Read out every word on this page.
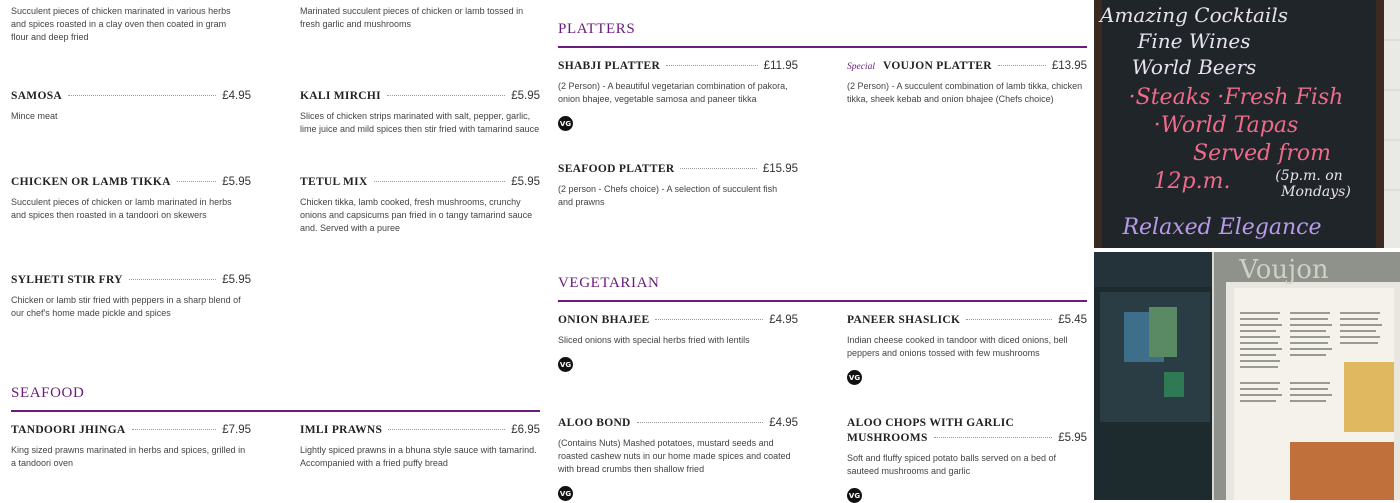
Succulent pieces of chicken marinated in various herbs and spices roasted in a clay oven then coated in gram flour and deep fried
SAMOSA	£4.95
Mince meat
CHICKEN OR LAMB TIKKA	£5.95
Succulent pieces of chicken or lamb marinated in herbs and spices then roasted in a tandoori on skewers
SYLHETI STIR FRY	£5.95
Chicken or lamb stir fried with peppers in a sharp blend of our chef's home made pickle and spices
Marinated succulent pieces of chicken or lamb tossed in fresh garlic and mushrooms
KALI MIRCHI	£5.95
Slices of chicken strips marinated with salt, pepper, garlic, lime juice and mild spices then stir fried with tamarind sauce
TETUL MIX	£5.95
Chicken tikka, lamb cooked, fresh mushrooms, crunchy onions and capsicums pan fried in o tangy tamarind sauce and. Served with a puree
SEAFOOD
TANDOORI JHINGA	£7.95
King sized prawns marinated in herbs and spices, grilled in a tandoori oven
IMLI PRAWNS	£6.95
Lightly spiced prawns in a bhuna style sauce with tamarind. Accompanied with a fried puffy bread
PLATTERS
SHABJI PLATTER	£11.95
(2 Person) - A beautiful vegetarian combination of pakora, onion bhajee, vegetable samosa and paneer tikka
VG
Special VOUJON PLATTER	£13.95
(2 Person) - A succulent combination of lamb tikka, chicken tikka, sheek kebab and onion bhajee (Chefs choice)
SEAFOOD PLATTER	£15.95
(2 person - Chefs choice) - A selection of succulent fish and prawns
VEGETARIAN
ONION BHAJEE	£4.95
Sliced onions with special herbs fried with lentils
VG
PANEER SHASLICK	£5.45
Indian cheese cooked in tandoor with diced onions, bell peppers and onions tossed with few mushrooms
VG
ALOO BOND	£4.95
(Contains Nuts) Mashed potatoes, mustard seeds and roasted cashew nuts in our home made spices and coated with bread crumbs then shallow fried
VG
ALOO CHOPS WITH GARLIC
MUSHROOMS	£5.95
Soft and fluffy spiced potato balls served on a bed of sauteed mushrooms and garlic
VG
Amazing Cocktails
Fine Wines
World Beers
·Steaks ·Fresh Fish
·World Tapas
Served from
12p.m.	(5p.m. on
Mondays)
Relaxed Elegance
Voujon
